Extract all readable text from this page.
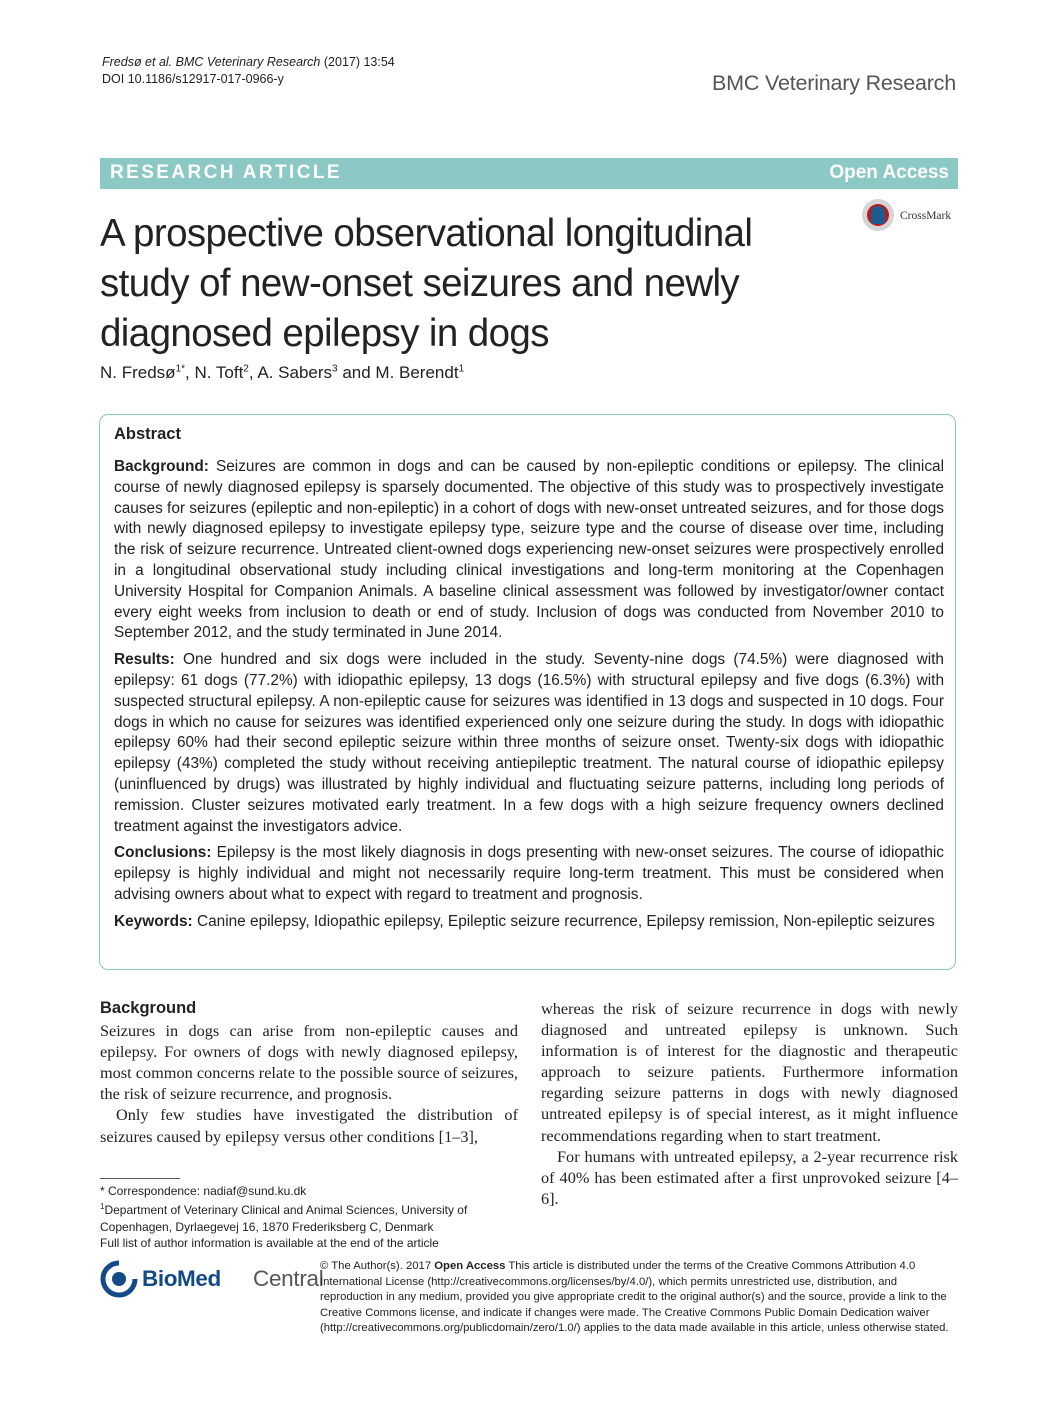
Fredsø et al. BMC Veterinary Research (2017) 13:54
DOI 10.1186/s12917-017-0966-y	BMC Veterinary Research
RESEARCH ARTICLE	Open Access
CrossMark
A prospective observational longitudinal study of new-onset seizures and newly diagnosed epilepsy in dogs
N. Fredsø$^{1*}$, N. Toft$^2$, A. Sabers$^3$ and M. Berendt$^1$
Abstract

Background: Seizures are common in dogs and can be caused by non-epileptic conditions or epilepsy. The clinical course of newly diagnosed epilepsy is sparsely documented. The objective of this study was to prospectively investigate causes for seizures (epileptic and non-epileptic) in a cohort of dogs with new-onset untreated seizures, and for those dogs with newly diagnosed epilepsy to investigate epilepsy type, seizure type and the course of disease over time, including the risk of seizure recurrence. Untreated client-owned dogs experiencing new-onset seizures were prospectively enrolled in a longitudinal observational study including clinical investigations and long-term monitoring at the Copenhagen University Hospital for Companion Animals. A baseline clinical assessment was followed by investigator/owner contact every eight weeks from inclusion to death or end of study. Inclusion of dogs was conducted from November 2010 to September 2012, and the study terminated in June 2014.

Results: One hundred and six dogs were included in the study. Seventy-nine dogs (74.5%) were diagnosed with epilepsy: 61 dogs (77.2%) with idiopathic epilepsy, 13 dogs (16.5%) with structural epilepsy and five dogs (6.3%) with suspected structural epilepsy. A non-epileptic cause for seizures was identified in 13 dogs and suspected in 10 dogs. Four dogs in which no cause for seizures was identified experienced only one seizure during the study. In dogs with idiopathic epilepsy 60% had their second epileptic seizure within three months of seizure onset. Twenty-six dogs with idiopathic epilepsy (43%) completed the study without receiving antiepileptic treatment. The natural course of idiopathic epilepsy (uninfluenced by drugs) was illustrated by highly individual and fluctuating seizure patterns, including long periods of remission. Cluster seizures motivated early treatment. In a few dogs with a high seizure frequency owners declined treatment against the investigators advice.

Conclusions: Epilepsy is the most likely diagnosis in dogs presenting with new-onset seizures. The course of idiopathic epilepsy is highly individual and might not necessarily require long-term treatment. This must be considered when advising owners about what to expect with regard to treatment and prognosis.

Keywords: Canine epilepsy, Idiopathic epilepsy, Epileptic seizure recurrence, Epilepsy remission, Non-epileptic seizures

Background

Seizures in dogs can arise from non-epileptic causes and epilepsy. For owners of dogs with newly diagnosed epilepsy, most common concerns relate to the possible source of seizures, the risk of seizure recurrence, and prognosis.

Only few studies have investigated the distribution of seizures caused by epilepsy versus other conditions [1–3],

whereas the risk of seizure recurrence in dogs with newly diagnosed and untreated epilepsy is unknown. Such information is of interest for the diagnostic and therapeutic approach to seizure patients. Furthermore information regarding seizure patterns in dogs with newly diagnosed untreated epilepsy is of special interest, as it might influence recommendations regarding when to start treatment.

For humans with untreated epilepsy, a 2-year recurrence risk of 40% has been estimated after a first unprovoked seizure [4–6].

* Correspondence: nadiaf@sund.ku.dk
$^1$Department of Veterinary Clinical and Animal Sciences, University of Copenhagen, Dyrlaegevej 16, 1870 Frederiksberg C, Denmark
Full list of author information is available at the end of the article
BioMed Central
© The Author(s). 2017 Open Access This article is distributed under the terms of the Creative Commons Attribution 4.0 International License (http://creativecommons.org/licenses/by/4.0/), which permits unrestricted use, distribution, and reproduction in any medium, provided you give appropriate credit to the original author(s) and the source, provide a link to the Creative Commons license, and indicate if changes were made. The Creative Commons Public Domain Dedication waiver (http://creativecommons.org/publicdomain/zero/1.0/) applies to the data made available in this article, unless otherwise stated.
